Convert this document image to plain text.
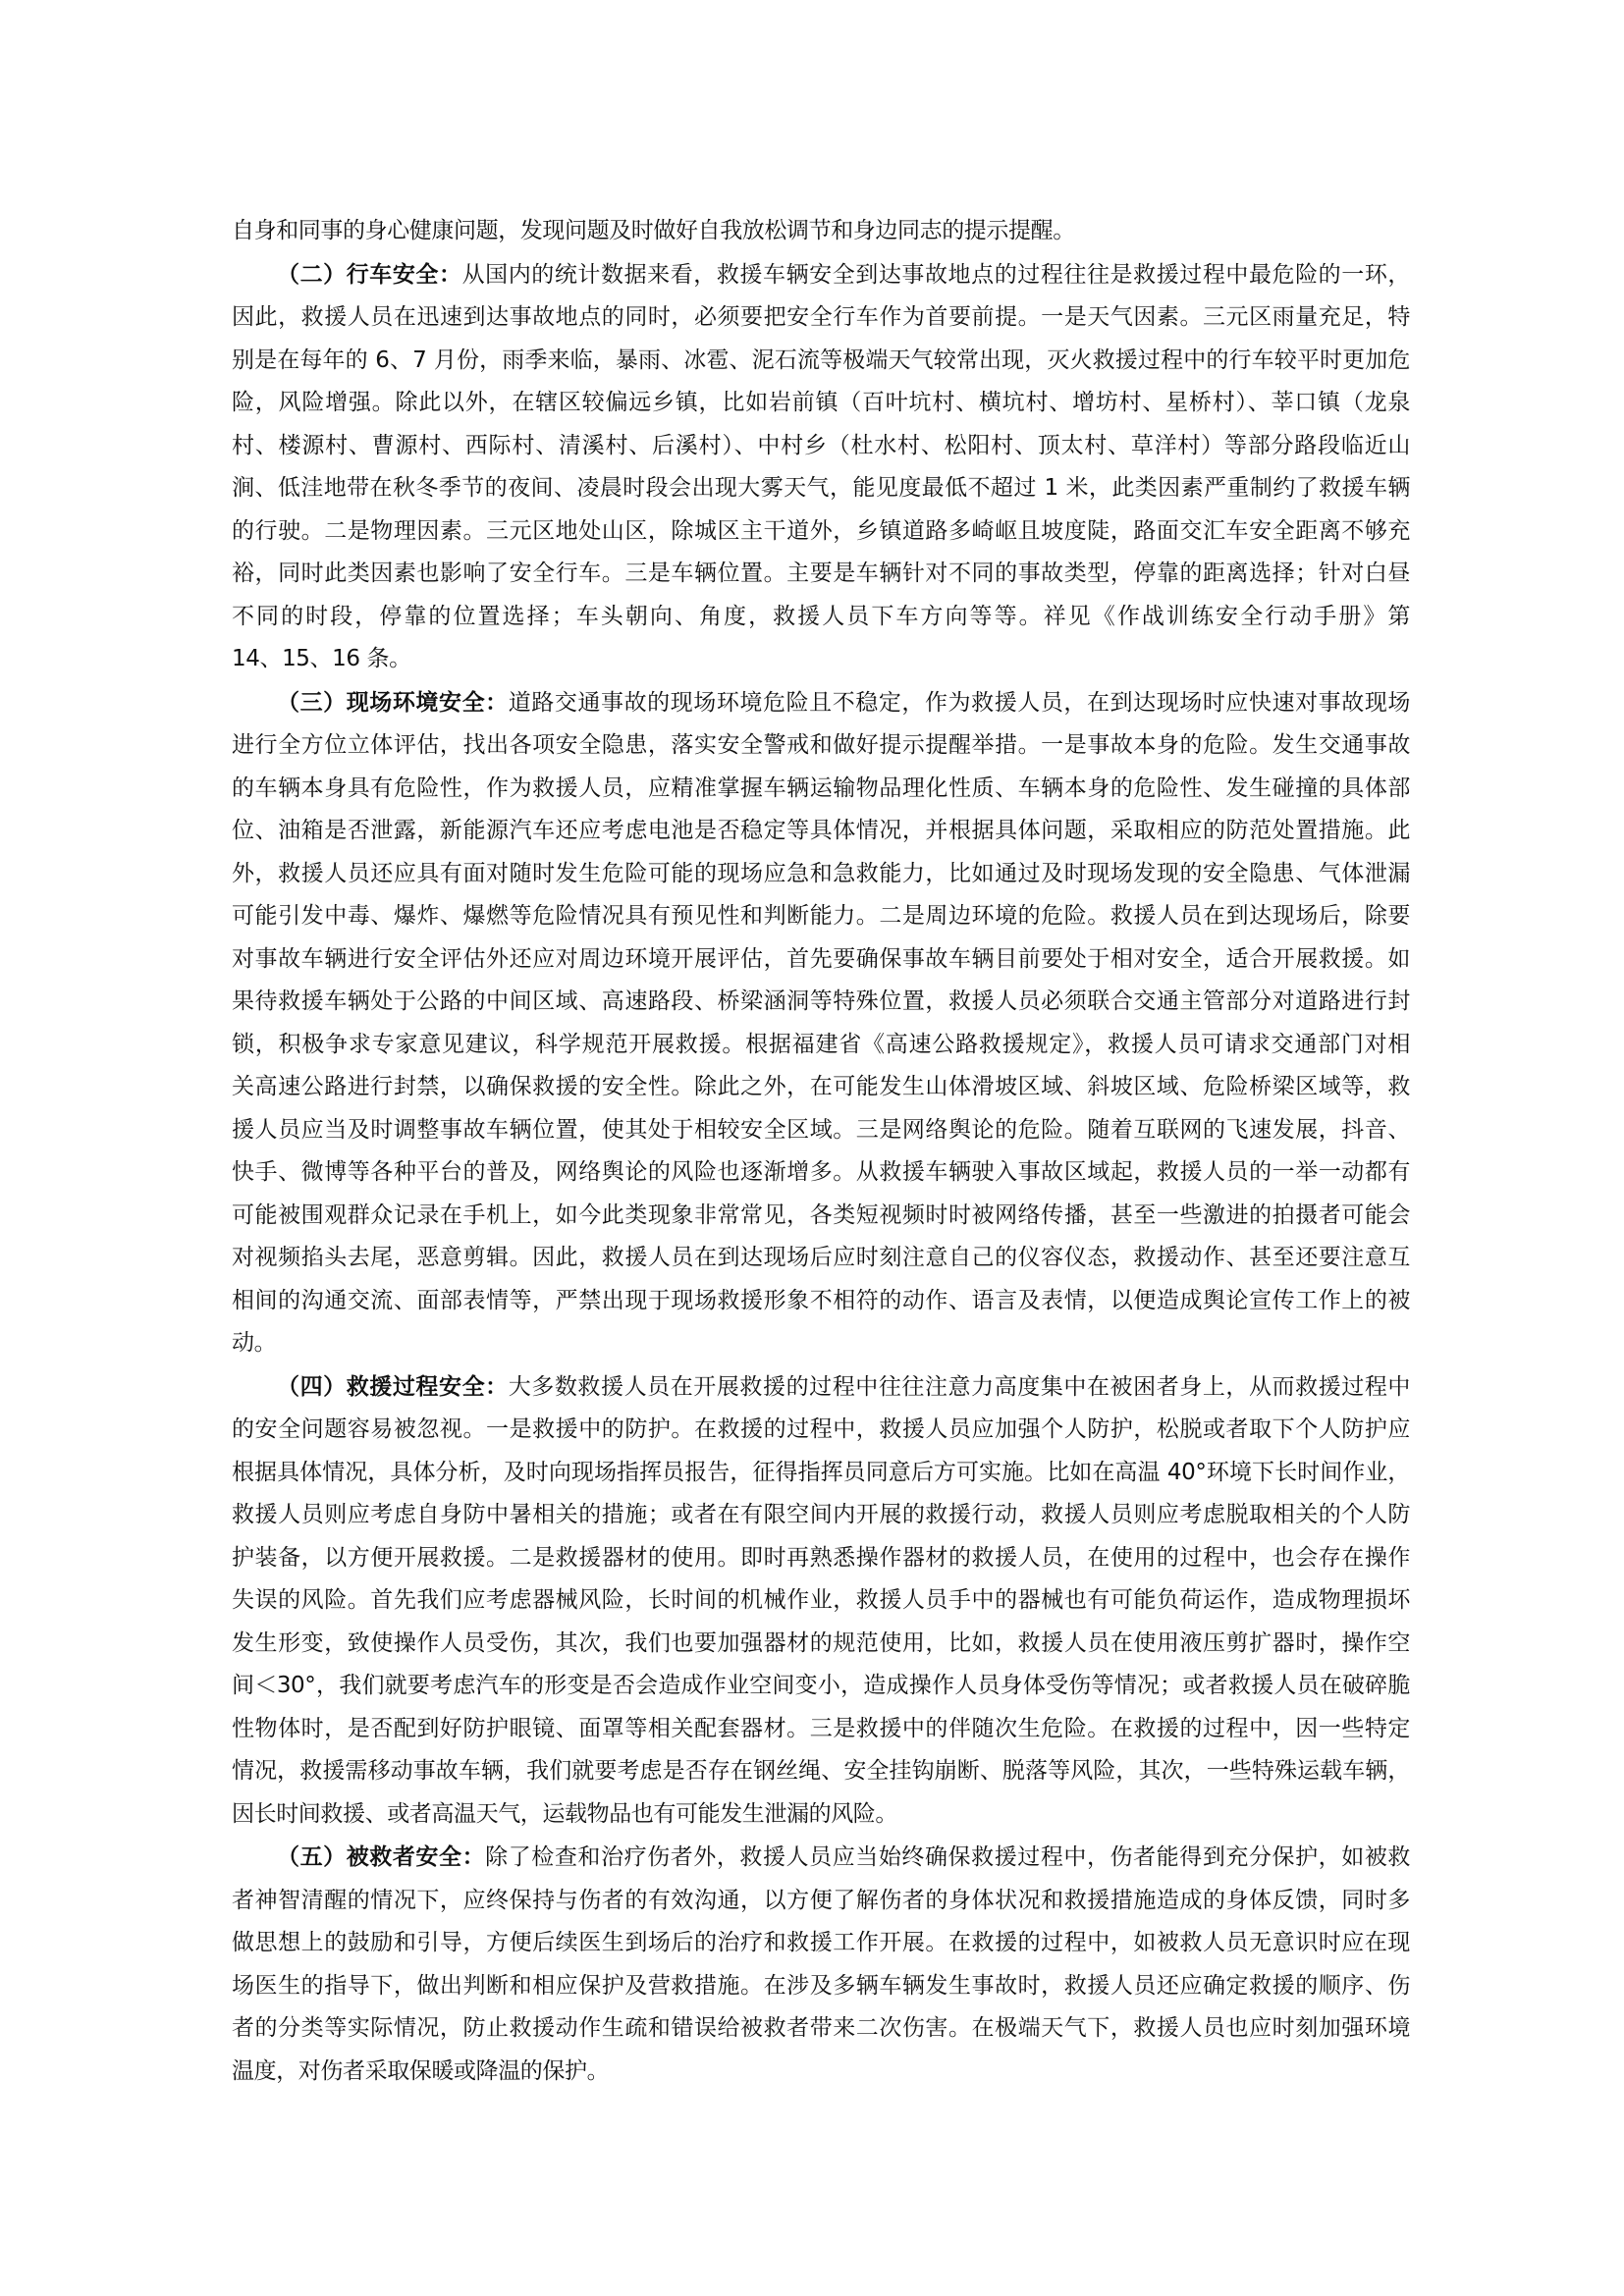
自身和同事的身心健康问题，发现问题及时做好自我放松调节和身边同志的提示提醒。
（二）行车安全：从国内的统计数据来看，救援车辆安全到达事故地点的过程往往是救援过程中最危险的一环，
因此，救援人员在迅速到达事故地点的同时，必须要把安全行车作为首要前提。一是天气因素。三元区雨量充足，特
别是在每年的 6、7 月份，雨季来临，暴雨、冰雹、泥石流等极端天气较常出现，灭火救援过程中的行车较平时更加危
险，风险增强。除此以外，在辖区较偏远乡镇，比如岩前镇（百叶坑村、横坑村、增坊村、星桥村）、莘口镇（龙泉
村、楼源村、曹源村、西际村、清溪村、后溪村）、中村乡（杜水村、松阳村、顶太村、草洋村）等部分路段临近山
涧、低洼地带在秋冬季节的夜间、凌晨时段会出现大雾天气，能见度最低不超过 1 米，此类因素严重制约了救援车辆
的行驶。二是物理因素。三元区地处山区，除城区主干道外，乡镇道路多崎岖且坡度陡，路面交汇车安全距离不够充
裕，同时此类因素也影响了安全行车。三是车辆位置。主要是车辆针对不同的事故类型，停靠的距离选择；针对白昼
不同的时段，停靠的位置选择；车头朝向、角度，救援人员下车方向等等。祥见《作战训练安全行动手册》第
14、15、16 条。
（三）现场环境安全：道路交通事故的现场环境危险且不稳定，作为救援人员，在到达现场时应快速对事故现场
进行全方位立体评估，找出各项安全隐患，落实安全警戒和做好提示提醒举措。一是事故本身的危险。发生交通事故
的车辆本身具有危险性，作为救援人员，应精准掌握车辆运输物品理化性质、车辆本身的危险性、发生碰撞的具体部
位、油箱是否泄露，新能源汽车还应考虑电池是否稳定等具体情况，并根据具体问题，采取相应的防范处置措施。此
外，救援人员还应具有面对随时发生危险可能的现场应急和急救能力，比如通过及时现场发现的安全隐患、气体泄漏
可能引发中毒、爆炸、爆燃等危险情况具有预见性和判断能力。二是周边环境的危险。救援人员在到达现场后，除要
对事故车辆进行安全评估外还应对周边环境开展评估，首先要确保事故车辆目前要处于相对安全，适合开展救援。如
果待救援车辆处于公路的中间区域、高速路段、桥梁涵洞等特殊位置，救援人员必须联合交通主管部分对道路进行封
锁，积极争求专家意见建议，科学规范开展救援。根据福建省《高速公路救援规定》，救援人员可请求交通部门对相
关高速公路进行封禁，以确保救援的安全性。除此之外，在可能发生山体滑坡区域、斜坡区域、危险桥梁区域等，救
援人员应当及时调整事故车辆位置，使其处于相较安全区域。三是网络舆论的危险。随着互联网的飞速发展，抖音、
快手、微博等各种平台的普及，网络舆论的风险也逐渐增多。从救援车辆驶入事故区域起，救援人员的一举一动都有
可能被围观群众记录在手机上，如今此类现象非常常见，各类短视频时时被网络传播，甚至一些激进的拍摄者可能会
对视频掐头去尾，恶意剪辑。因此，救援人员在到达现场后应时刻注意自己的仪容仪态，救援动作、甚至还要注意互
相间的沟通交流、面部表情等，严禁出现于现场救援形象不相符的动作、语言及表情，以便造成舆论宣传工作上的被
动。
（四）救援过程安全：大多数救援人员在开展救援的过程中往往注意力高度集中在被困者身上，从而救援过程中
的安全问题容易被忽视。一是救援中的防护。在救援的过程中，救援人员应加强个人防护，松脱或者取下个人防护应
根据具体情况，具体分析，及时向现场指挥员报告，征得指挥员同意后方可实施。比如在高温 40°环境下长时间作业，
救援人员则应考虑自身防中暑相关的措施；或者在有限空间内开展的救援行动，救援人员则应考虑脱取相关的个人防
护装备，以方便开展救援。二是救援器材的使用。即时再熟悉操作器材的救援人员，在使用的过程中，也会存在操作
失误的风险。首先我们应考虑器械风险，长时间的机械作业，救援人员手中的器械也有可能负荷运作，造成物理损坏
发生形变，致使操作人员受伤，其次，我们也要加强器材的规范使用，比如，救援人员在使用液压剪扩器时，操作空
间＜30°，我们就要考虑汽车的形变是否会造成作业空间变小，造成操作人员身体受伤等情况；或者救援人员在破碎脆
性物体时，是否配到好防护眼镜、面罩等相关配套器材。三是救援中的伴随次生危险。在救援的过程中，因一些特定
情况，救援需移动事故车辆，我们就要考虑是否存在钢丝绳、安全挂钩崩断、脱落等风险，其次，一些特殊运载车辆，
因长时间救援、或者高温天气，运载物品也有可能发生泄漏的风险。
（五）被救者安全：除了检查和治疗伤者外，救援人员应当始终确保救援过程中，伤者能得到充分保护，如被救
者神智清醒的情况下，应终保持与伤者的有效沟通，以方便了解伤者的身体状况和救援措施造成的身体反馈，同时多
做思想上的鼓励和引导，方便后续医生到场后的治疗和救援工作开展。在救援的过程中，如被救人员无意识时应在现
场医生的指导下，做出判断和相应保护及营救措施。在涉及多辆车辆发生事故时，救援人员还应确定救援的顺序、伤
者的分类等实际情况，防止救援动作生疏和错误给被救者带来二次伤害。在极端天气下，救援人员也应时刻加强环境
温度，对伤者采取保暖或降温的保护。
